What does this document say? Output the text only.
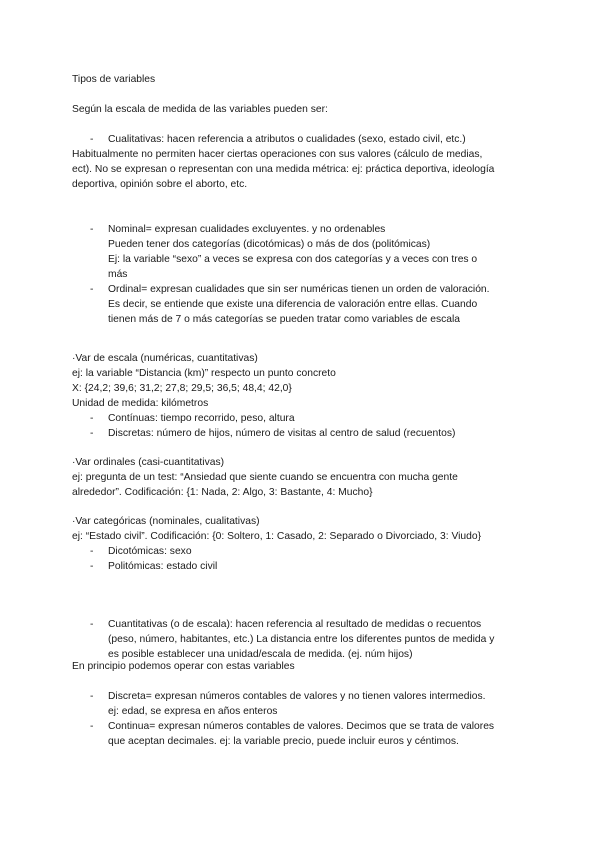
Tipos de variables
Según la escala de medida de las variables pueden ser:
- Cualitativas: hacen referencia a atributos o cualidades (sexo, estado civil, etc.)
Habitualmente no permiten hacer ciertas operaciones con sus valores (cálculo de medias,
ect). No se expresan o representan con una medida métrica: ej: práctica deportiva, ideología
deportiva, opinión sobre el aborto, etc.
- Nominal= expresan cualidades excluyentes. y no ordenables
Pueden tener dos categorías (dicotómicas) o más de dos (politómicas)
Ej: la variable “sexo” a veces se expresa con dos categorías y a veces con tres o
más
- Ordinal= expresan cualidades que sin ser numéricas tienen un orden de valoración.
Es decir, se entiende que existe una diferencia de valoración entre ellas. Cuando
tienen más de 7 o más categorías se pueden tratar como variables de escala
·Var de escala (numéricas, cuantitativas)
ej: la variable “Distancia (km)” respecto un punto concreto
X: {24,2; 39,6; 31,2; 27,8; 29,5; 36,5; 48,4; 42,0}
Unidad de medida: kilómetros
- Contínuas: tiempo recorrido, peso, altura
- Discretas: número de hijos, número de visitas al centro de salud (recuentos)
·Var ordinales (casi-cuantitativas)
ej: pregunta de un test: “Ansiedad que siente cuando se encuentra con mucha gente
alrededor”. Codificación: {1: Nada, 2: Algo, 3: Bastante, 4: Mucho}
·Var categóricas (nominales, cualitativas)
ej: “Estado civil”. Codificación: {0: Soltero, 1: Casado, 2: Separado o Divorciado, 3: Viudo}
- Dicotómicas: sexo
- Politómicas: estado civil
- Cuantitativas (o de escala): hacen referencia al resultado de medidas o recuentos
(peso, número, habitantes, etc.) La distancia entre los diferentes puntos de medida y
es posible establecer una unidad/escala de medida. (ej. núm hijos)
En principio podemos operar con estas variables
- Discreta= expresan números contables de valores y no tienen valores intermedios.
ej: edad, se expresa en años enteros
- Continua= expresan números contables de valores. Decimos que se trata de valores
que aceptan decimales. ej: la variable precio, puede incluir euros y céntimos.
